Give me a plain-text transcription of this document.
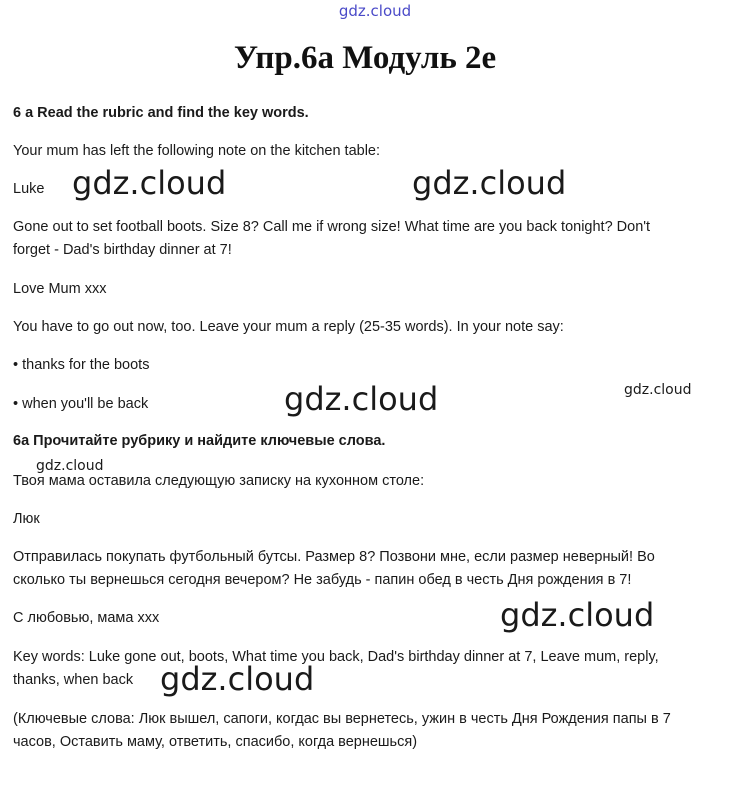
gdz.cloud
Упр.6а Модуль 2е
6 a Read the rubric and find the key words.
Your mum has left the following note on the kitchen table:
Luke
Gone out to set football boots. Size 8? Call me if wrong size! What time are you back tonight? Don't
forget - Dad's birthday dinner at 7!
Love Mum xxx
You have to go out now, too. Leave your mum a reply (25-35 words). In your note say:
• thanks for the boots
• when you'll be back
6a Прочитайте рубрику и найдите ключевые слова.
Твоя мама оставила следующую записку на кухонном столе:
Люк
Отправилась покупать футбольный бутсы. Размер 8? Позвони мне, если размер неверный! Во
сколько ты вернешься сегодня вечером? Не забудь - папин обед в честь Дня рождения в 7!
С любовью, мама xxx
Key words: Luke gone out, boots, What time you back, Dad's birthday dinner at 7, Leave mum, reply,
thanks, when back
(Ключевые слова: Люк вышел, сапоги, когдас вы вернетесь, ужин в честь Дня Рождения папы в 7
часов, Оставить маму, ответить, спасибо, когда вернешься)
gdz.cloud	gdz.cloud
gdz.cloud	gdz.cloud
gdz.cloud
gdz.cloud
gdz.cloud
